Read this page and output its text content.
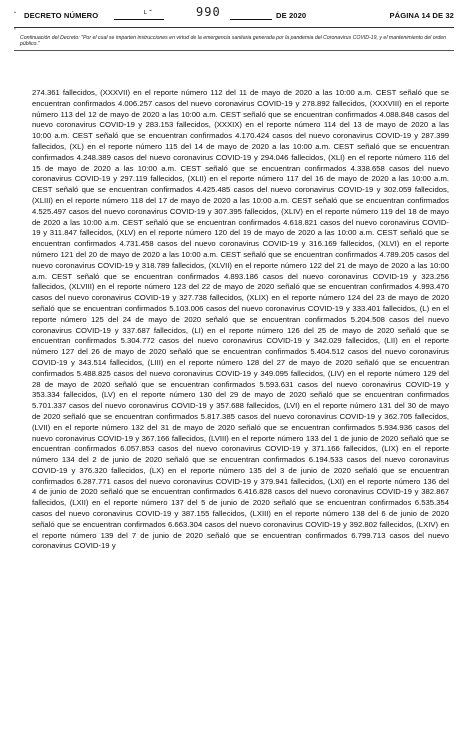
· DECRETO NÚMERO	ᴸ ˇ	990	DE 2020	PÁGINA 14 DE 32
˚
Continuación del Decreto: "Por el cual se imparten instrucciones en virtud de la emergencia sanitaria generada por la pandemia del Coronavirus COVID-19, y el mantenimiento del orden público."
274.361 fallecidos, (XXXVII) en el reporte número 112 del 11 de mayo de 2020 a las 10:00 a.m. CEST señaló que se encuentran confirmados 4.006.257 casos del nuevo coronavirus COVID-19 y 278.892 fallecidos, (XXXVIII) en el reporte número 113 del 12 de mayo de 2020 a las 10:00 a.m. CEST señaló que se encuentran confirmados 4.088.848 casos del nuevo coronavirus COVID-19 y 283.153 fallecidos, (XXXIX) en el reporte número 114 del 13 de mayo de 2020 a las 10:00 a.m. CEST señaló que se encuentran confirmados 4.170.424 casos del nuevo coronavirus COVID-19 y 287.399 fallecidos, (XL) en el reporte número 115 del 14 de mayo de 2020 a las 10:00 a.m. CEST señaló que se encuentran confirmados 4.248.389 casos del nuevo coronavirus COVID-19 y 294.046 fallecidos, (XLI) en el reporte número 116 del 15 de mayo de 2020 a las 10:00 a.m. CEST señaló que se encuentran confirmados 4.338.658 casos del nuevo coronavirus COVID-19 y 297.119 fallecidos, (XLII) en el reporte número 117 del 16 de mayo de 2020 a las 10:00 a.m. CEST señaló que se encuentran confirmados 4.425.485 casos del nuevo coronavirus COVID-19 y 302.059 fallecidos, (XLIII) en el reporte número 118 del 17 de mayo de 2020 a las 10:00 a.m. CEST señaló que se encuentran confirmados 4.525.497 casos del nuevo coronavirus COVID-19 y 307.395 fallecidos, (XLIV) en el reporte número 119 del 18 de mayo de 2020 a las 10:00 a.m. CEST señaló que se encuentran confirmados 4.618.821 casos del nuevo coronavirus COVID-19 y 311.847 fallecidos, (XLV) en el reporte número 120 del 19 de mayo de 2020 a las 10:00 a.m. CEST señaló que se encuentran confirmados 4.731.458 casos del nuevo coronavirus COVID-19 y 316.169 fallecidos, (XLVI) en el reporte número 121 del 20 de mayo de 2020 a las 10:00 a.m. CEST señaló que se encuentran confirmados 4.789.205 casos del nuevo coronavirus COVID-19 y 318.789 fallecidos, (XLVII) en el reporte número 122 del 21 de mayo de 2020 a las 10:00 a.m. CEST señaló que se encuentran confirmados 4.893.186 casos del nuevo coronavirus COVID-19 y 323.256 fallecidos, (XLVIII) en el reporte número 123 del 22 de mayo de 2020 señaló que se encuentran confirmados 4.993.470 casos del nuevo coronavirus COVID-19 y 327.738 fallecidos, (XLIX) en el reporte número 124 del 23 de mayo de 2020 señaló que se encuentran confirmados 5.103.006 casos del nuevo coronavirus COVID-19 y 333.401 fallecidos, (L) en el reporte número 125 del 24 de mayo de 2020 señaló que se encuentran confirmados 5.204.508 casos del nuevo coronavirus COVID-19 y 337.687 fallecidos, (LI) en el reporte número 126 del 25 de mayo de 2020 señaló que se encuentran confirmados 5.304.772 casos del nuevo coronavirus COVID-19 y 342.029 fallecidos, (LII) en el reporte número 127 del 26 de mayo de 2020 señaló que se encuentran confirmados 5.404.512 casos del nuevo coronavirus COVID-19 y 343.514 fallecidos, (LIII) en el reporte número 128 del 27 de mayo de 2020 señaló que se encuentran confirmados 5.488.825 casos del nuevo coronavirus COVID-19 y 349.095 fallecidos, (LIV) en el reporte número 129 del 28 de mayo de 2020 señaló que se encuentran confirmados 5.593.631 casos del nuevo coronavirus COVID-19 y 353.334 fallecidos, (LV) en el reporte número 130 del 29 de mayo de 2020 señaló que se encuentran confirmados 5.701.337 casos del nuevo coronavirus COVID-19 y 357.688 fallecidos, (LVI) en el reporte número 131 del 30 de mayo de 2020 señaló que se encuentran confirmados 5.817.385 casos del nuevo coronavirus COVID-19 y 362.705 fallecidos, (LVII) en el reporte número 132 del 31 de mayo de 2020 señaló que se encuentran confirmados 5.934.936 casos del nuevo coronavirus COVID-19 y 367.166 fallecidos, (LVIII) en el reporte número 133 del 1 de junio de 2020 señaló que se encuentran confirmados 6.057.853 casos del nuevo coronavirus COVID-19 y 371.166 fallecidos, (LIX) en el reporte número 134 del 2 de junio de 2020 señaló que se encuentran confirmados 6.194.533 casos del nuevo coronavirus COVID-19 y 376.320 fallecidos, (LX) en el reporte número 135 del 3 de junio de 2020 señaló que se encuentran confirmados 6.287.771 casos del nuevo coronavirus COVID-19 y 379.941 fallecidos, (LXI) en el reporte número 136 del 4 de junio de 2020 señaló que se encuentran confirmados 6.416.828 casos del nuevo coronavirus COVID-19 y 382.867 fallecidos, (LXII) en el reporte número 137 del 5 de junio de 2020 señaló que se encuentran confirmados 6.535.354 casos del nuevo coronavirus COVID-19 y 387.155 fallecidos, (LXIII) en el reporte número 138 del 6 de junio de 2020 señaló que se encuentran confirmados 6.663.304 casos del nuevo coronavirus COVID-19 y 392.802 fallecidos, (LXIV) en el reporte número 139 del 7 de junio de 2020 señaló que se encuentran confirmados 6.799.713 casos del nuevo coronavirus COVID-19 y
